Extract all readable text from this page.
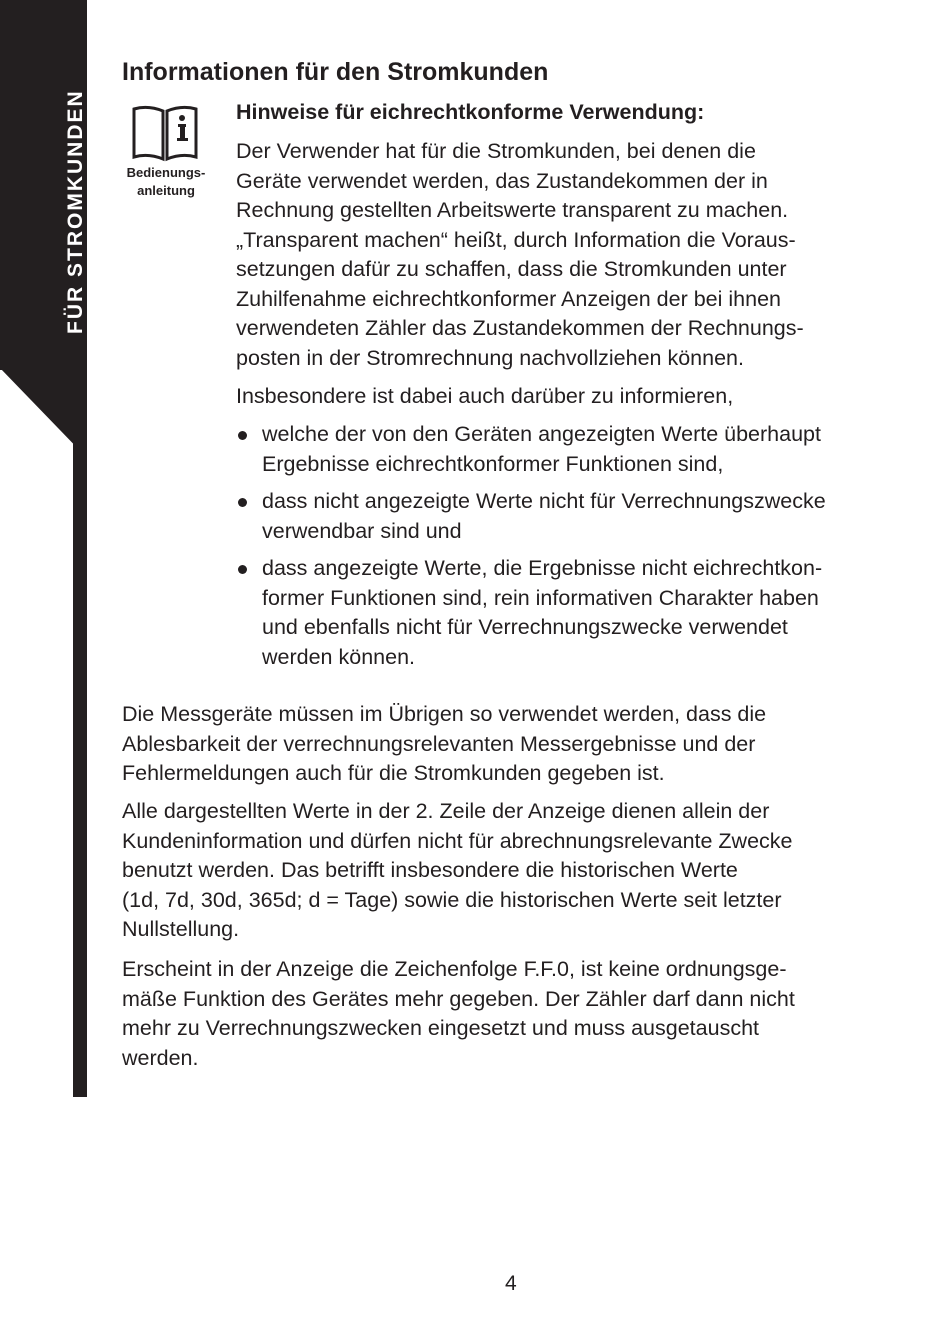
FÜR STROMKUNDEN
Informationen für den Stromkunden
Bedienungs-
anleitung
Hinweise für eichrechtkonforme Verwendung:
Der Verwender hat für die Stromkunden, bei denen die
Geräte verwendet werden, das Zustandekommen der in
Rechnung gestellten Arbeitswerte transparent zu machen.
„Transparent machen“ heißt, durch Information die Voraus-
setzungen dafür zu schaffen, dass die Stromkunden unter
Zuhilfenahme eichrechtkonformer Anzeigen der bei ihnen
verwendeten Zähler das Zustandekommen der Rechnungs-
posten in der Stromrechnung nachvollziehen können.
Insbesondere ist dabei auch darüber zu informieren,
welche der von den Geräten angezeigten Werte überhaupt
Ergebnisse eichrechtkonformer Funktionen sind,
dass nicht angezeigte Werte nicht für Verrechnungszwecke
verwendbar sind und
dass angezeigte Werte, die Ergebnisse nicht eichrechtkon-
former Funktionen sind, rein informativen Charakter haben
und ebenfalls nicht für Verrechnungszwecke verwendet
werden können.
Die Messgeräte müssen im Übrigen so verwendet werden, dass die
Ablesbarkeit der verrechnungsrelevanten Messergebnisse und der
Fehlermeldungen auch für die Stromkunden gegeben ist.
Alle dargestellten Werte in der 2. Zeile der Anzeige dienen allein der
Kundeninformation und dürfen nicht für abrechnungsrelevante Zwecke
benutzt werden. Das betrifft insbesondere die historischen Werte
(1d, 7d, 30d, 365d; d = Tage) sowie die historischen Werte seit letzter
Nullstellung.
Erscheint in der Anzeige die Zeichenfolge F.F.0, ist keine ordnungsge-
mäße Funktion des Gerätes mehr gegeben. Der Zähler darf dann nicht
mehr zu Verrechnungszwecken eingesetzt und muss ausgetauscht
werden.
4
